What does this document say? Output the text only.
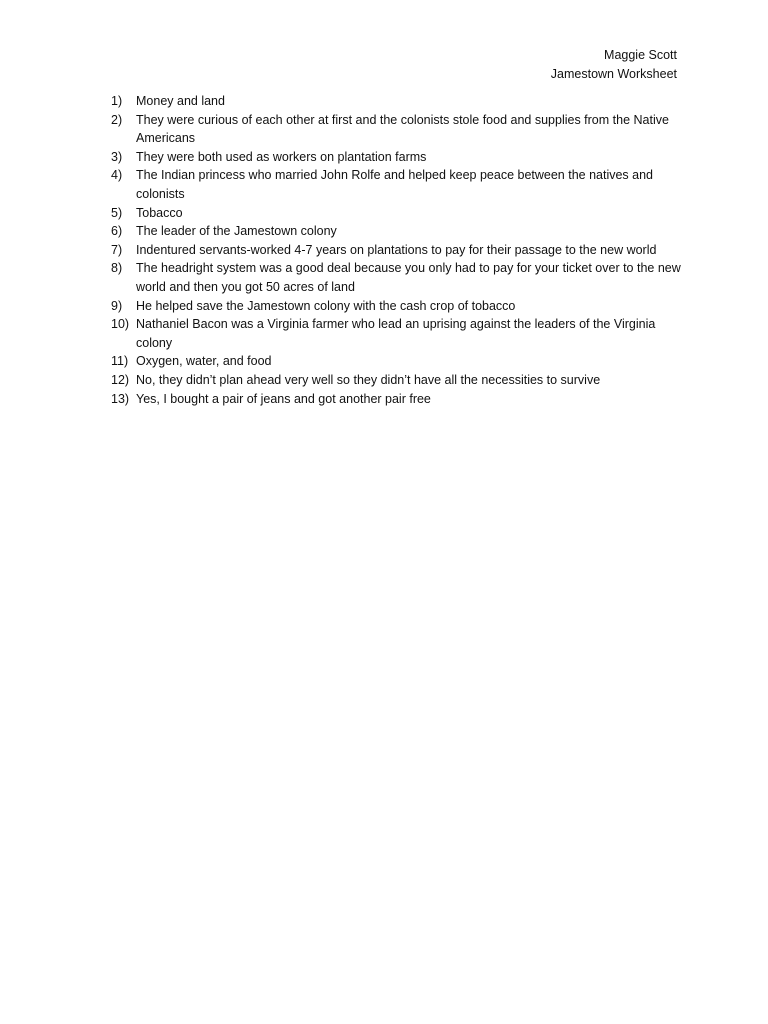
Maggie Scott
Jamestown Worksheet
1)	Money and land
2)	They were curious of each other at first and the colonists stole food and supplies from the Native Americans
3)	They were both used as workers on plantation farms
4)	The Indian princess who married John Rolfe and helped keep peace between the natives and colonists
5)	Tobacco
6)	The leader of the Jamestown colony
7)	Indentured servants-worked 4-7 years on plantations to pay for their passage to the new world
8)	The headright system was a good deal because you only had to pay for your ticket over to the new world and then you got 50 acres of land
9)	He helped save the Jamestown colony with the cash crop of tobacco
10) Nathaniel Bacon was a Virginia farmer who lead an uprising against the leaders of the Virginia colony
11) Oxygen, water, and food
12) No, they didn’t plan ahead very well so they didn’t have all the necessities to survive
13) Yes, I bought a pair of jeans and got another pair free
